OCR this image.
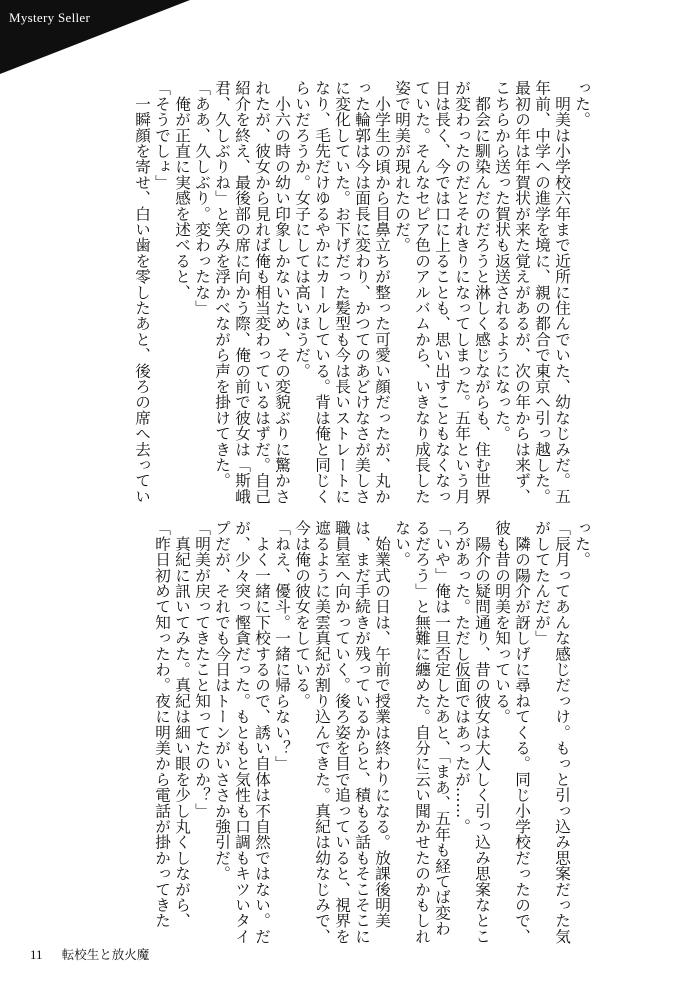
Mystery Seller
った。
　明美は小学校六年まで近所に住んでいた、幼なじみだ。五
年前、中学への進学を境に、親の都合で東京へ引っ越した。
最初の年は年賀状が来た覚えがあるが、次の年からは来ず、
こちらから送った賀状も返送されるようになった。
　都会に馴染んだのだろうと淋しく感じながらも、住む世界
が変わったのだとそれきりになってしまった。五年という月
日は長く、今では口に上ることも、思い出すこともなくなっ
ていた。そんなセピア色のアルバムから、いきなり成長した
姿で明美が現れたのだ。
　小学生の頃から目鼻立ちが整った可愛い顔だったが、丸か
った輪郭は今は面長に変わり、かつてのあどけなさが美しさ
に変化していた。お下げだった髪型も今は長いストレートに
なり、毛先だけゆるやかにカールしている。背は俺と同じく
らいだろうか。女子にしては高いほうだ。
　小六の時の幼い印象しかないため、その変貌ぶりに驚かさ
れたが、彼女から見れば俺も相当変わっているはずだ。自己
紹介を終え、最後部の席に向かう際、俺の前で彼女は「斯峨
君、久しぶりね」と笑みを浮かべながら声を掛けてきた。
「ああ、久しぶり。変わったな」
　俺が正直に実感を述べると、
「そうでしょ」
　一瞬顔を寄せ、白い歯を零したあと、後ろの席へ去ってい
った。
「辰月ってあんな感じだっけ。もっと引っ込み思案だった気
がしてたんだが」
　隣の陽介が訝しげに尋ねてくる。同じ小学校だったので、
彼も昔の明美を知っている。
　陽介の疑問通り、昔の彼女は大人しく引っ込み思案なとこ
ろがあった。ただし仮面ではあったが……。
「いや」俺は一旦否定したあと、「まあ、五年も経てば変わ
るだろう」と無難に纏めた。自分に云い聞かせたのかもしれ
ない。
　始業式の日は、午前で授業は終わりになる。放課後明美
は、まだ手続きが残っているからと、積もる話もそこそこに
職員室へ向かっていく。後ろ姿を目で追っていると、視界を
遮るように美雲真紀が割り込んできた。真紀は幼なじみで、
今は俺の彼女をしている。
「ねえ、優斗。一緒に帰らない？」
　よく一緒に下校するので、誘い自体は不自然ではない。だ
が、少々突っ慳貪だった。もともと気性も口調もキツいタイ
プだが、それでも今日はトーンがいささか強引だ。
「明美が戻ってきたこと知ってたのか？」
　真紀に訊いてみた。真紀は細い眼を少し丸くしながら、
「昨日初めて知ったわ。夜に明美から電話が掛かってきた
11 転校生と放火魔
